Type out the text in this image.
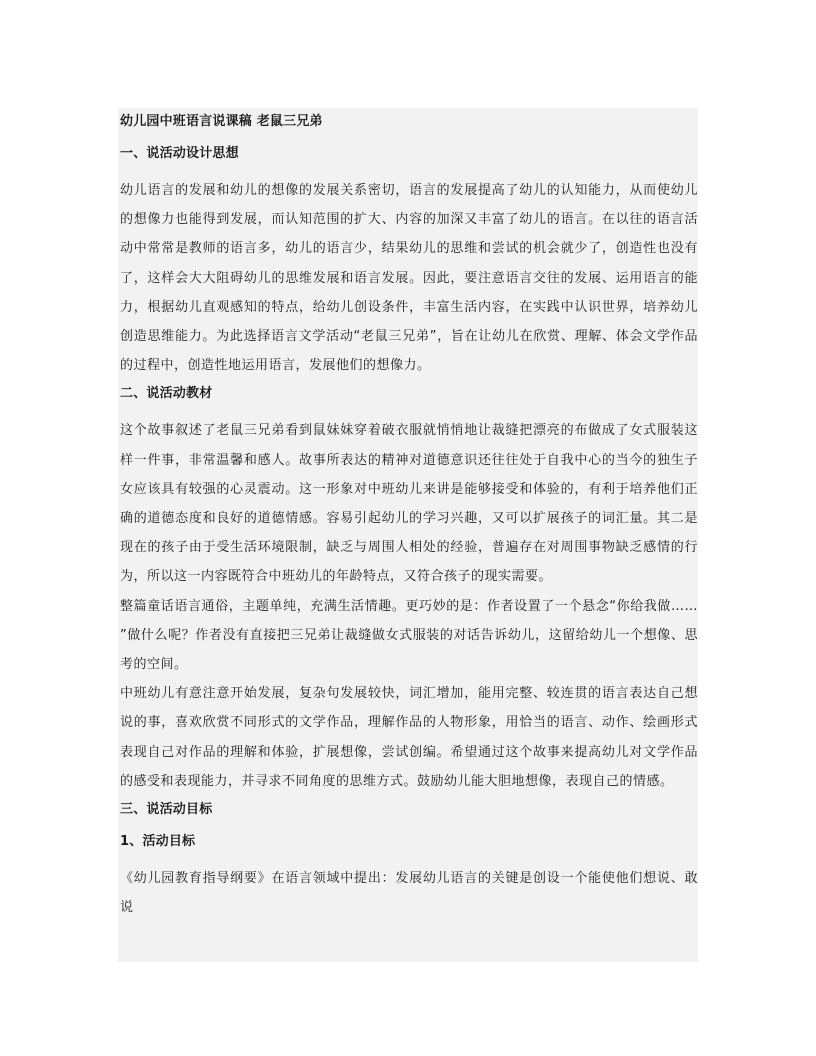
幼儿园中班语言说课稿 老鼠三兄弟
一、说活动设计思想

幼儿语言的发展和幼儿的想像的发展关系密切，语言的发展提高了幼儿的认知能力，从而使幼儿的想像力也能得到发展，而认知范围的扩大、内容的加深又丰富了幼儿的语言。在以往的语言活动中常常是教师的语言多，幼儿的语言少，结果幼儿的思维和尝试的机会就少了，创造性也没有了，这样会大大阻碍幼儿的思维发展和语言发展。因此，要注意语言交往的发展、运用语言的能力，根据幼儿直观感知的特点，给幼儿创设条件，丰富生活内容，在实践中认识世界，培养幼儿创造思维能力。为此选择语言文学活动“老鼠三兄弟”，旨在让幼儿在欣赏、理解、体会文学作品的过程中，创造性地运用语言，发展他们的想像力。

二、说活动教材

这个故事叙述了老鼠三兄弟看到鼠妹妹穿着破衣服就悄悄地让裁缝把漂亮的布做成了女式服装这样一件事，非常温馨和感人。故事所表达的精神对道德意识还往往处于自我中心的当今的独生子女应该具有较强的心灵震动。这一形象对中班幼儿来讲是能够接受和体验的，有利于培养他们正确的道德态度和良好的道德情感。容易引起幼儿的学习兴趣，又可以扩展孩子的词汇量。其二是现在的孩子由于受生活环境限制，缺乏与周围人相处的经验，普遍存在对周围事物缺乏感情的行为，所以这一内容既符合中班幼儿的年龄特点，又符合孩子的现实需要。

整篇童话语言通俗，主题单纯，充满生活情趣。更巧妙的是：作者设置了一个悬念“你给我做…… ”做什么呢？作者没有直接把三兄弟让裁缝做女式服装的对话告诉幼儿，这留给幼儿一个想像、思考的空间。

中班幼儿有意注意开始发展，复杂句发展较快，词汇增加，能用完整、较连贯的语言表达自己想说的事，喜欢欣赏不同形式的文学作品，理解作品的人物形象，用恰当的语言、动作、绘画形式表现自己对作品的理解和体验，扩展想像，尝试创编。希望通过这个故事来提高幼儿对文学作品的感受和表现能力，并寻求不同角度的思维方式。鼓励幼儿能大胆地想像，表现自己的情感。

三、说活动目标
1、活动目标

《幼儿园教育指导纲要》在语言领域中提出：发展幼儿语言的关键是创设一个能使他们想说、敢说
